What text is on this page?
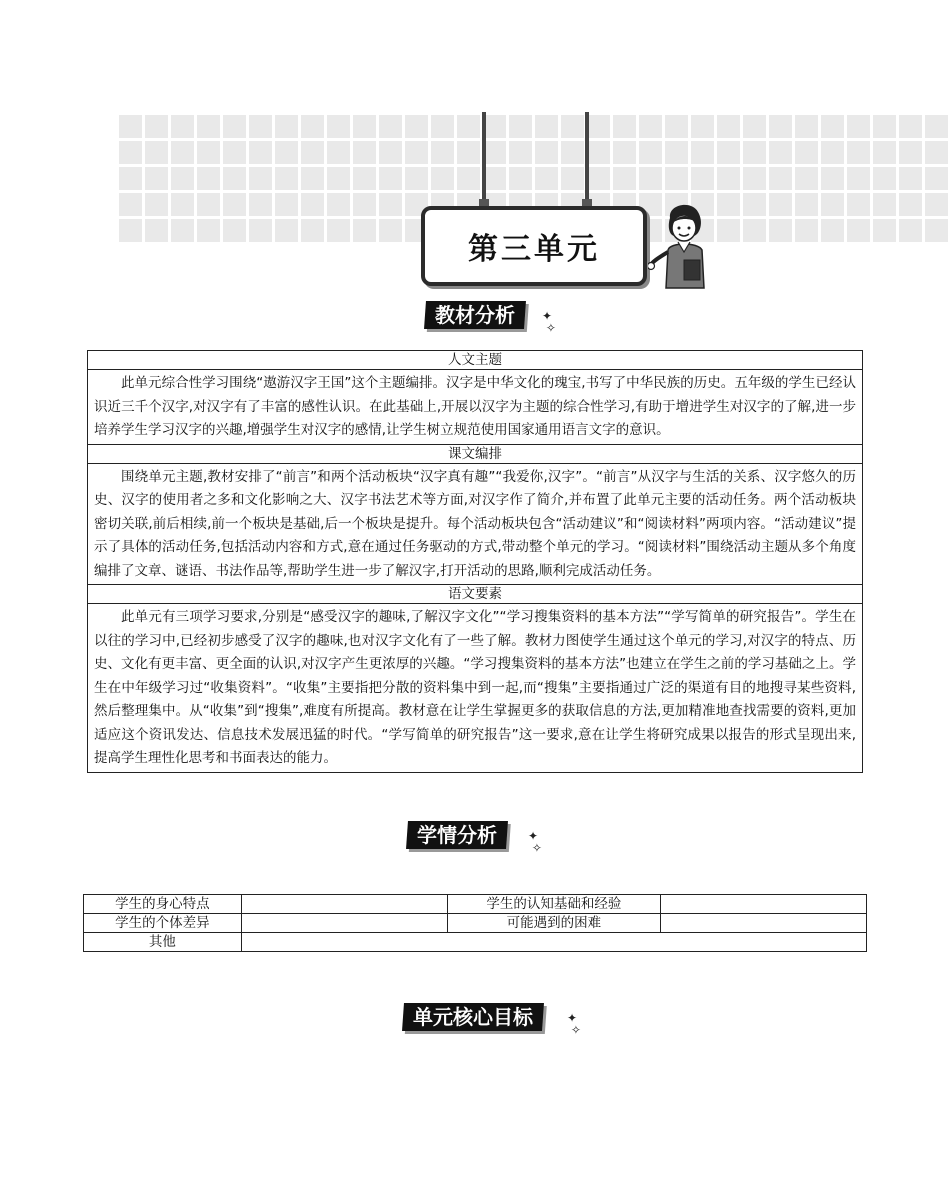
第三单元
教材分析	✦
✧
人文主题
此单元综合性学习围绕“遨游汉字王国”这个主题编排。汉字是中华文化的瑰宝,书写了中华民族的历史。五年级的学生已经认识近三千个汉字,对汉字有了丰富的感性认识。在此基础上,开展以汉字为主题的综合性学习,有助于增进学生对汉字的了解,进一步培养学生学习汉字的兴趣,增强学生对汉字的感情,让学生树立规范使用国家通用语言文字的意识。
课文编排
围绕单元主题,教材安排了“前言”和两个活动板块“汉字真有趣”“我爱你,汉字”。“前言”从汉字与生活的关系、汉字悠久的历史、汉字的使用者之多和文化影响之大、汉字书法艺术等方面,对汉字作了简介,并布置了此单元主要的活动任务。两个活动板块密切关联,前后相续,前一个板块是基础,后一个板块是提升。每个活动板块包含“活动建议”和“阅读材料”两项内容。“活动建议”提示了具体的活动任务,包括活动内容和方式,意在通过任务驱动的方式,带动整个单元的学习。“阅读材料”围绕活动主题从多个角度编排了文章、谜语、书法作品等,帮助学生进一步了解汉字,打开活动的思路,顺利完成活动任务。
语文要素
此单元有三项学习要求,分别是“感受汉字的趣味,了解汉字文化”“学习搜集资料的基本方法”“学写简单的研究报告”。学生在以往的学习中,已经初步感受了汉字的趣味,也对汉字文化有了一些了解。教材力图使学生通过这个单元的学习,对汉字的特点、历史、文化有更丰富、更全面的认识,对汉字产生更浓厚的兴趣。“学习搜集资料的基本方法”也建立在学生之前的学习基础之上。学生在中年级学习过“收集资料”。“收集”主要指把分散的资料集中到一起,而“搜集”主要指通过广泛的渠道有目的地搜寻某些资料,然后整理集中。从“收集”到“搜集”,难度有所提高。教材意在让学生掌握更多的获取信息的方法,更加精准地查找需要的资料,更加适应这个资讯发达、信息技术发展迅猛的时代。“学写简单的研究报告”这一要求,意在让学生将研究成果以报告的形式呈现出来,提高学生理性化思考和书面表达的能力。
学情分析	✦
✧
学生的身心特点		学生的认知基础和经验	
学生的个体差异		可能遇到的困难	
其他			
单元核心目标	✦
✧
